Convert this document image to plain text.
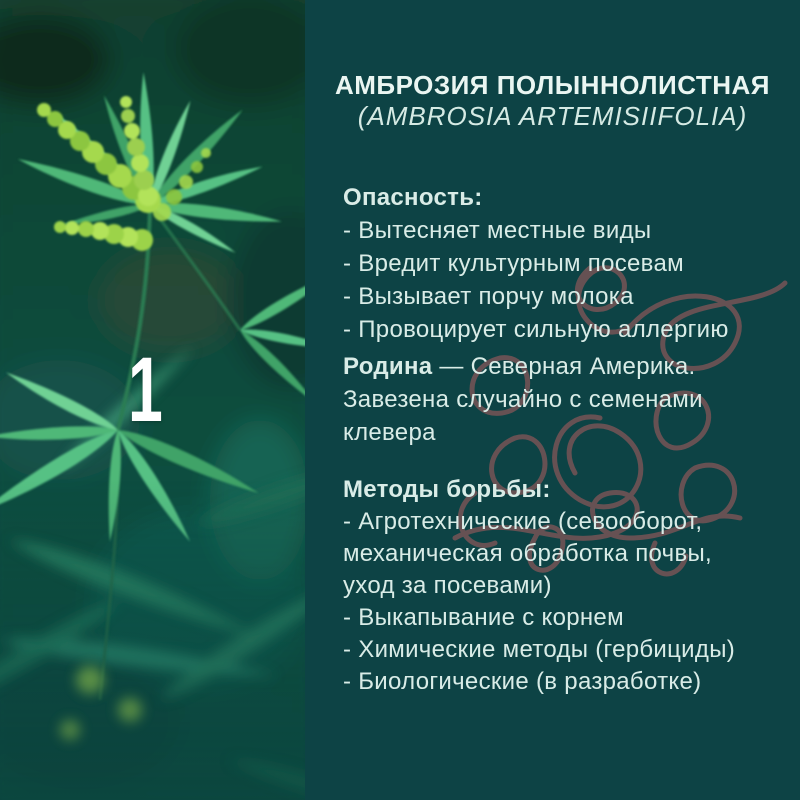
1
АМБРОЗИЯ ПОЛЫННОЛИСТНАЯ
(AMBROSIA ARTEMISIIFOLIA)
Опасность:
- Вытесняет местные виды
- Вредит культурным посевам
- Вызывает порчу молока
- Провоцирует сильную аллергию
Родина — Северная Америка.
Завезена случайно с семенами
клевера
Методы борьбы:
- Агротехнические (севооборот,
механическая обработка почвы,
уход за посевами)
- Выкапывание с корнем
- Химические методы (гербициды)
- Биологические (в разработке)
